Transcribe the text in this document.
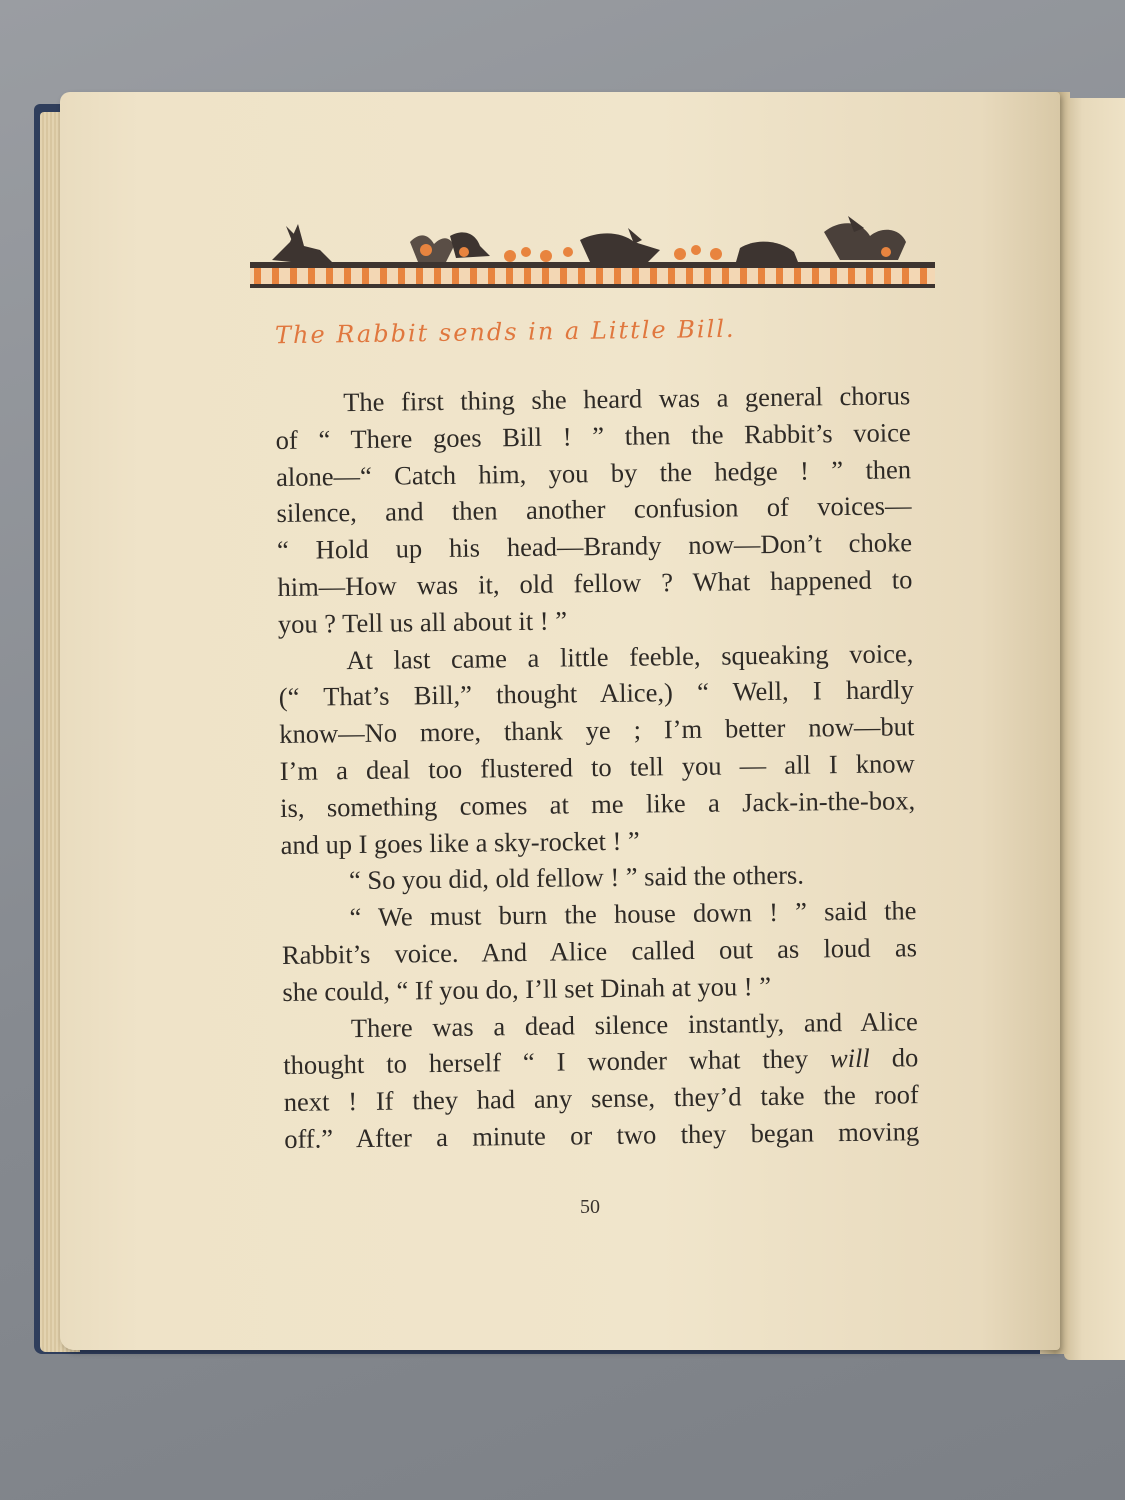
The Rabbit sends in a Little Bill.
The first thing she heard was a general chorus
of “ There goes Bill ! ” then the Rabbit’s voice
alone—“ Catch him, you by the hedge ! ” then
silence, and then another confusion of voices—
“ Hold up his head—Brandy now—Don’t choke
him—How was it, old fellow ? What happened to
you ? Tell us all about it ! ”
At last came a little feeble, squeaking voice,
(“ That’s Bill,” thought Alice,) “ Well, I hardly
know—No more, thank ye ; I’m better now—but
I’m a deal too flustered to tell you — all I know
is, something comes at me like a Jack-in-the-box,
and up I goes like a sky-rocket ! ”
“ So you did, old fellow ! ” said the others.
“ We must burn the house down ! ” said the
Rabbit’s voice. And Alice called out as loud as
she could, “ If you do, I’ll set Dinah at you ! ”
There was a dead silence instantly, and Alice
thought to herself “ I wonder what they will do
next ! If they had any sense, they’d take the roof
off.” After a minute or two they began moving
50
